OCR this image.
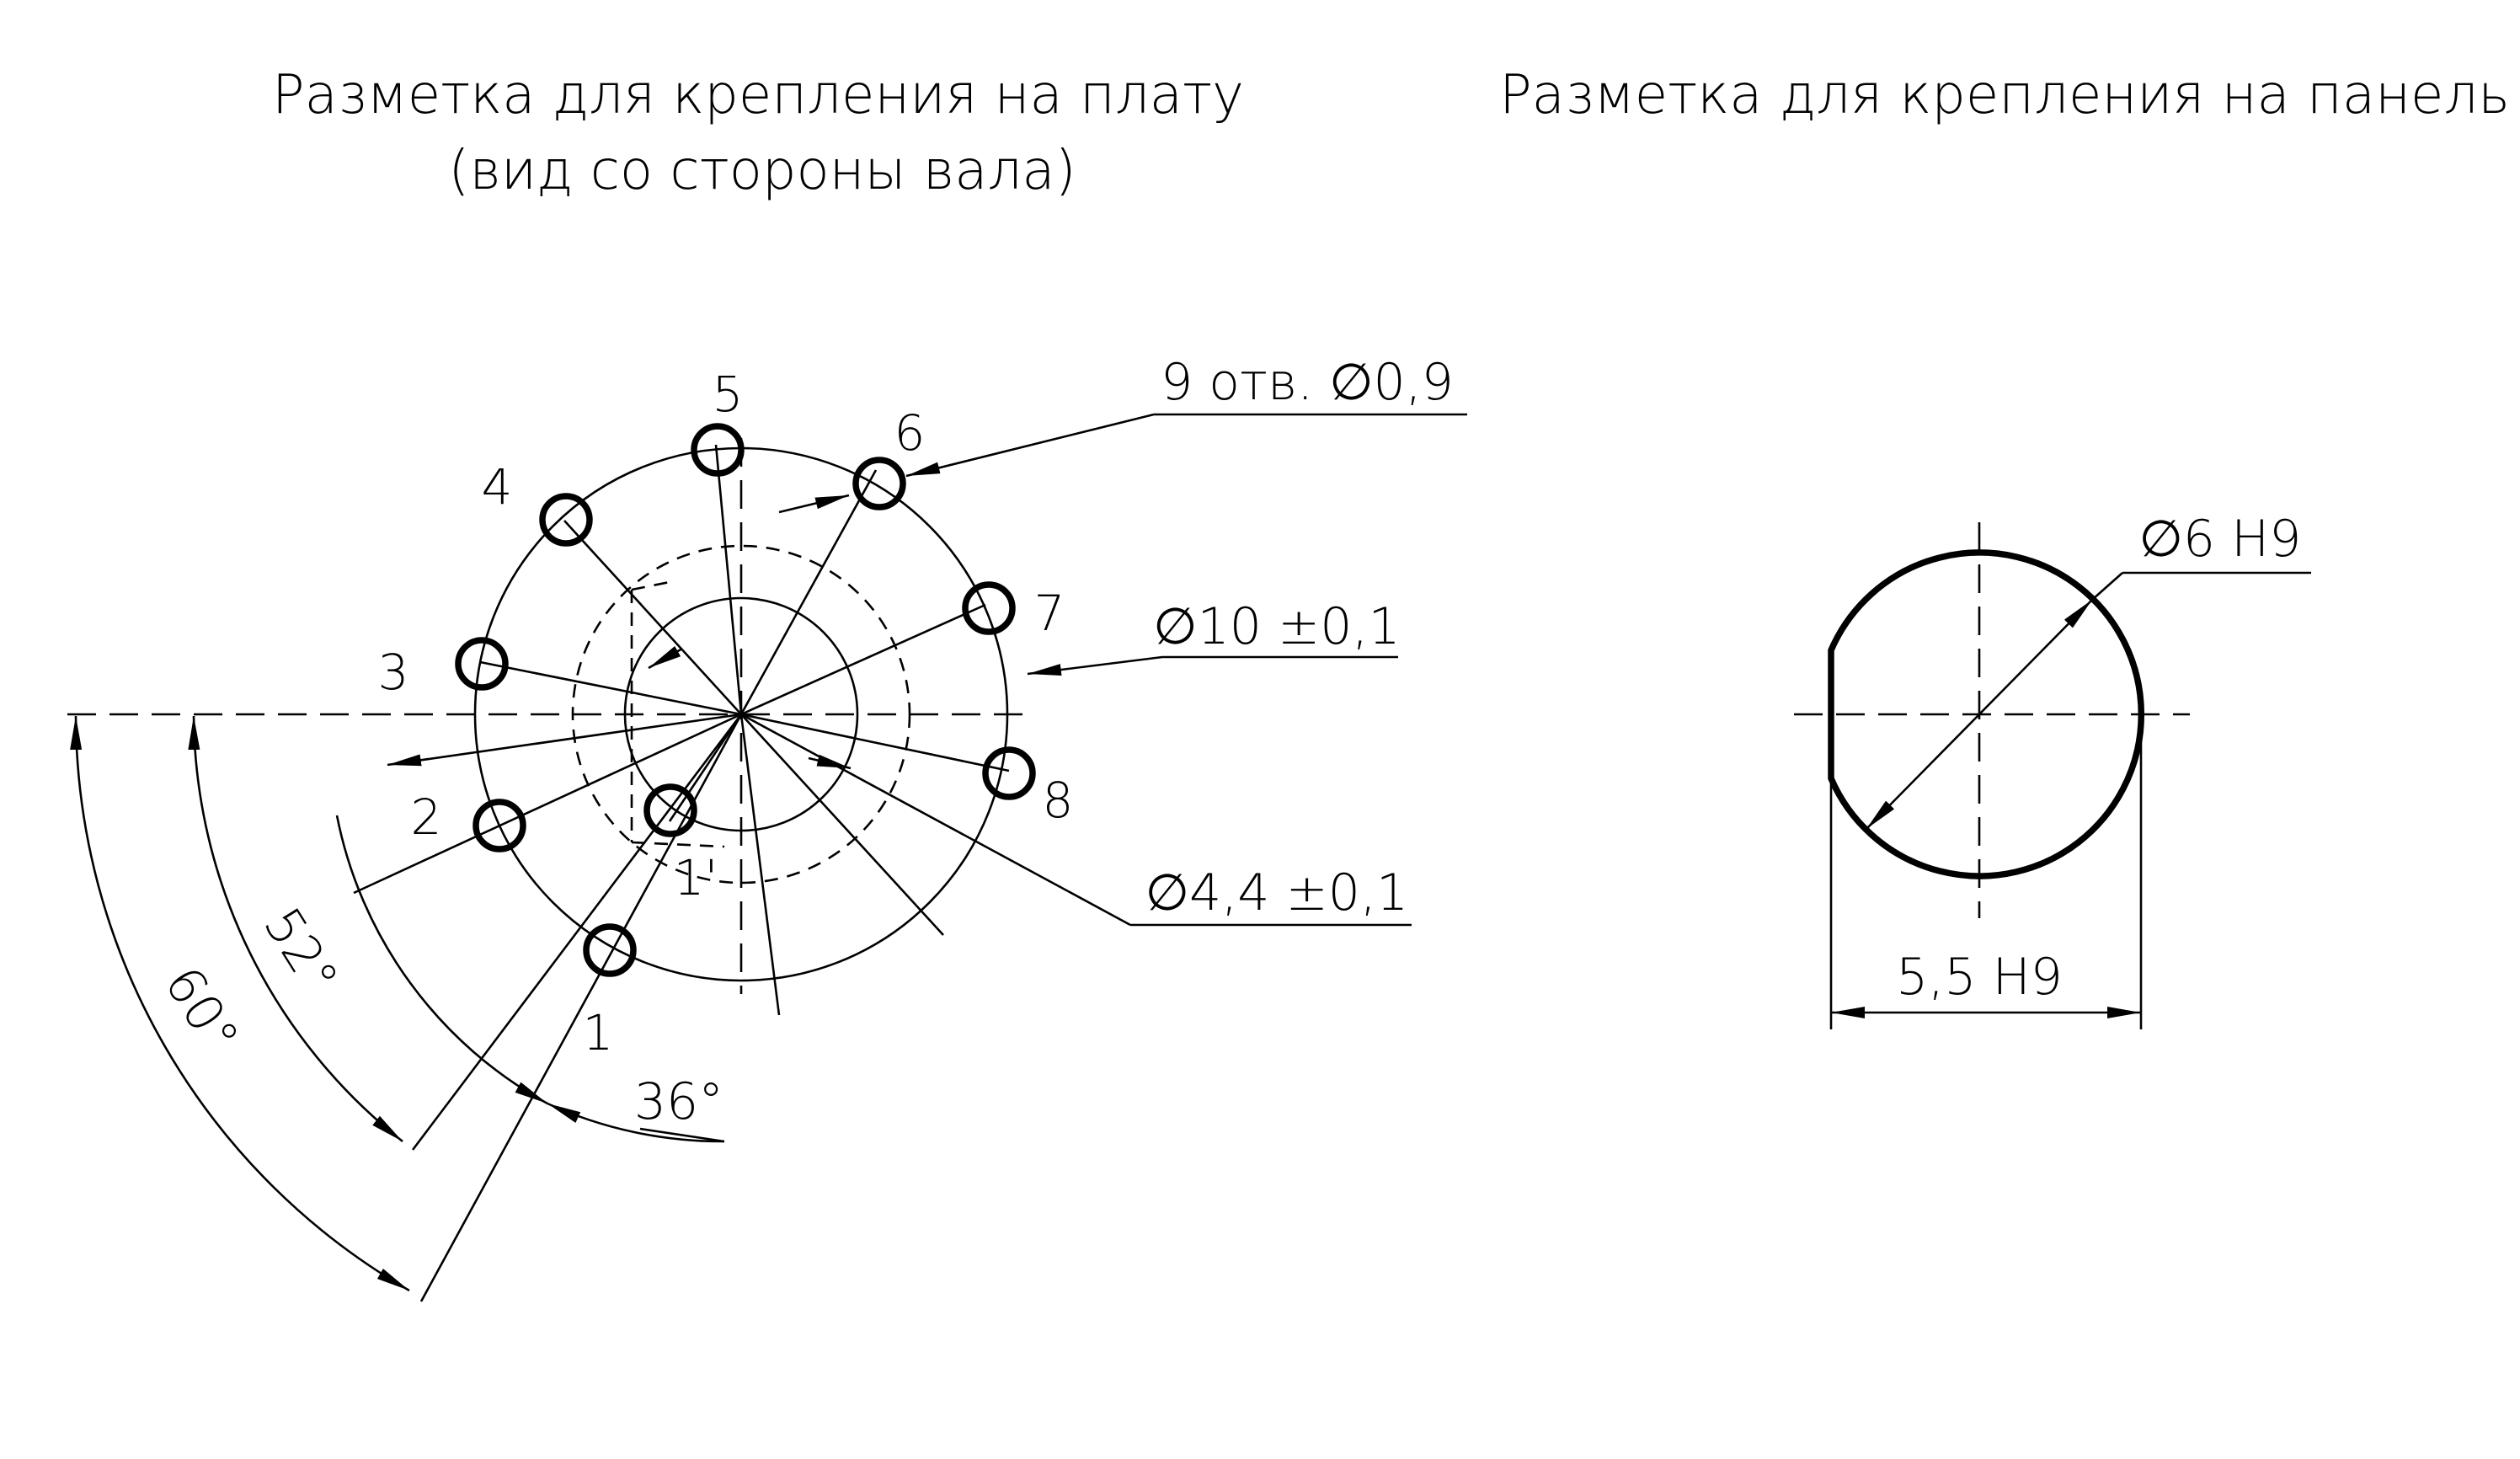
Разметка для крепления на плату
(вид со стороны вала)
1
2
3
4
5
6
7
8
1'
9 отв. ∅0,9
∅10 ±0,1
∅4,4 ±0,1
36°
52°
60°
Разметка для крепления на панель
∅6 H9
5,5 H9
